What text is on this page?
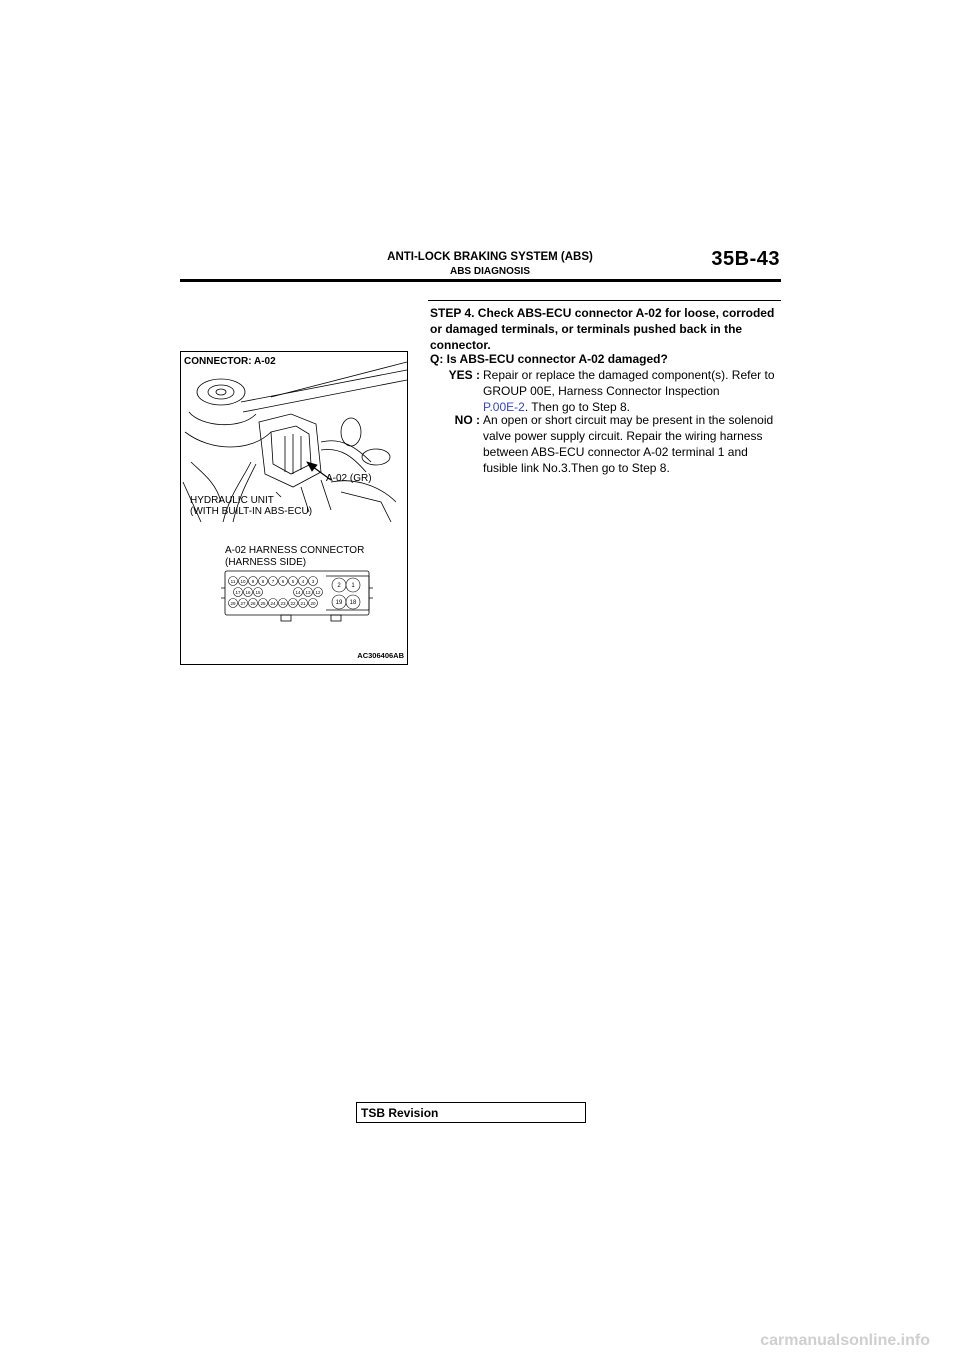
ANTI-LOCK BRAKING SYSTEM (ABS)
ABS DIAGNOSIS
35B-43
11 10 9 8 7 6 5 4 3
17 16 15	14 13 12
29 27 26 25 24 23 22 21 20
2 1
19 18
CONNECTOR: A-02
A-02 (GR)
HYDRAULIC UNIT
(WITH BUILT-IN ABS-ECU)
A-02 HARNESS CONNECTOR
(HARNESS SIDE)
AC306406AB
STEP 4. Check ABS-ECU connector A-02 for loose, corroded or damaged terminals, or terminals pushed back in the connector.
Q: Is ABS-ECU connector A-02 damaged?
YES : Repair or replace the damaged component(s). Refer to GROUP 00E, Harness Connector Inspection
P.00E-2. Then go to Step 8.
NO : An open or short circuit may be present in the solenoid valve power supply circuit. Repair the wiring harness between ABS-ECU connector A-02 terminal 1 and fusible link No.3.Then go to Step 8.
TSB Revision
carmanualsonline.info
